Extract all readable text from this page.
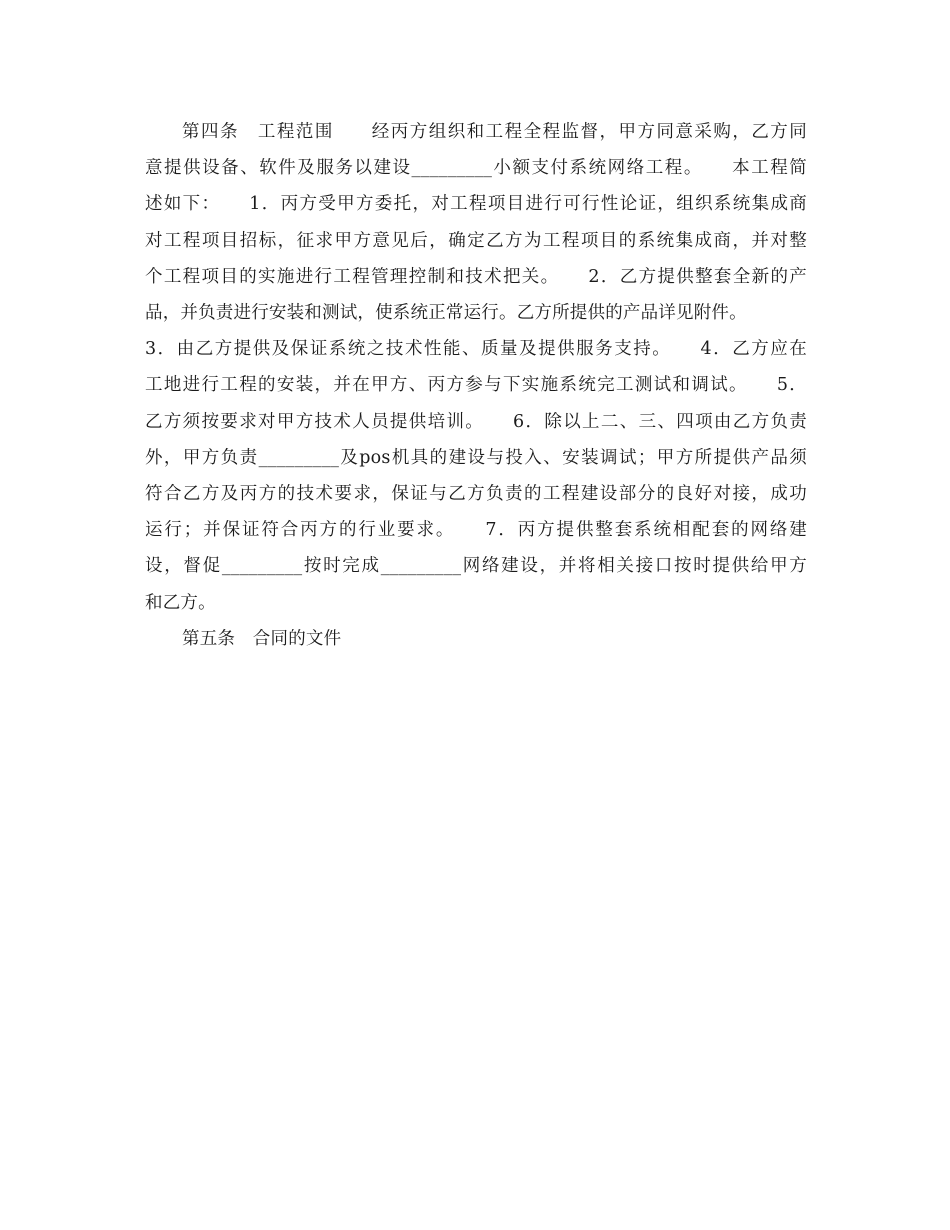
第四条　工程范围　　经丙方组织和工程全程监督，甲方同意采购，乙方同
意提供设备、软件及服务以建设_________小额支付系统网络工程。　　本工程简
述如下：　　1．丙方受甲方委托，对工程项目进行可行性论证，组织系统集成商
对工程项目招标，征求甲方意见后，确定乙方为工程项目的系统集成商，并对整
个工程项目的实施进行工程管理控制和技术把关。　　2．乙方提供整套全新的产
品，并负责进行安装和测试，使系统正常运行。乙方所提供的产品详见附件。
3．由乙方提供及保证系统之技术性能、质量及提供服务支持。　　4．乙方应在
工地进行工程的安装，并在甲方、丙方参与下实施系统完工测试和调试。　　5．
乙方须按要求对甲方技术人员提供培训。　　6．除以上二、三、四项由乙方负责
外，甲方负责_________及pos机具的建设与投入、安装调试；甲方所提供产品须
符合乙方及丙方的技术要求，保证与乙方负责的工程建设部分的良好对接，成功
运行；并保证符合丙方的行业要求。　　7．丙方提供整套系统相配套的网络建
设，督促_________按时完成_________网络建设，并将相关接口按时提供给甲方
和乙方。
第五条　合同的文件
